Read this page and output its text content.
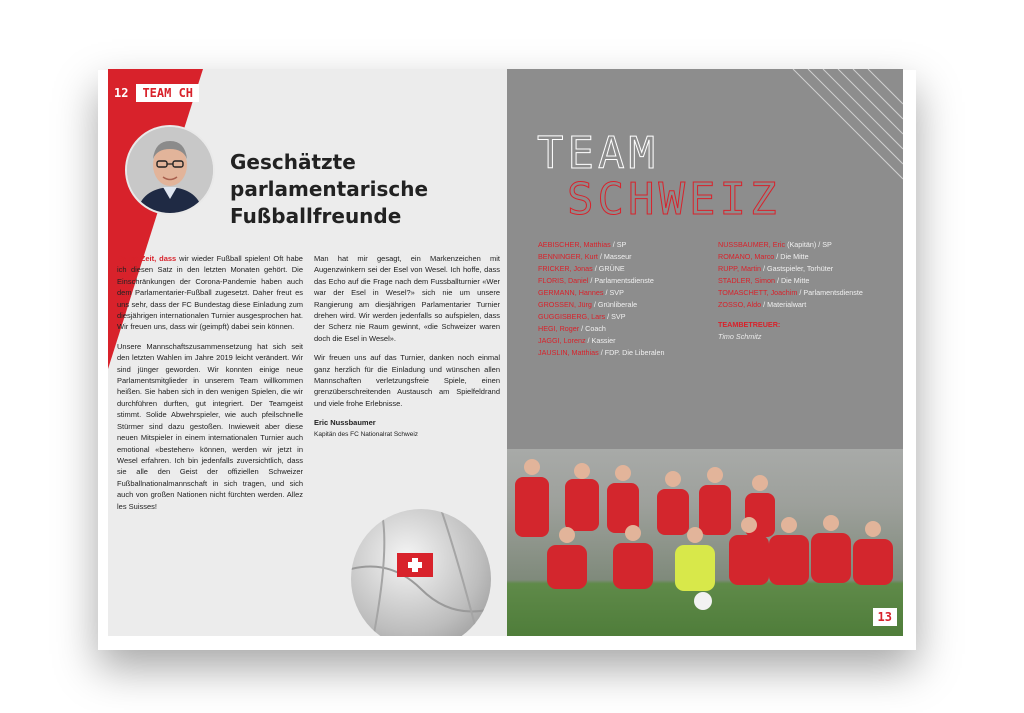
12	TEAM CH
Geschätzte
parlamentarische
Fußballfreunde

Es ist Zeit, dass wir wieder Fußball spielen! Oft habe ich diesen Satz in den letzten Monaten gehört. Die Einschränkungen der Corona-Pandemie haben auch dem Parlamentarier-Fußball zugesetzt. Daher freut es uns sehr, dass der FC Bundestag diese Einladung zum diesjährigen internationalen Turnier ausgesprochen hat. Wir freuen uns, dass wir (geimpft) dabei sein können.

Unsere Mannschaftszusammensetzung hat sich seit den letzten Wahlen im Jahre 2019 leicht verändert. Wir sind jünger geworden. Wir konnten einige neue Parlamentsmitglieder in unserem Team willkommen heißen. Sie haben sich in den wenigen Spielen, die wir durchführen durften, gut integriert. Der Teamgeist stimmt. Solide Abwehrspieler, wie auch pfeilschnelle Stürmer sind dazu gestoßen. Inwieweit aber diese neuen Mitspieler in einem internationalen Turnier auch emotional «bestehen» können, werden wir jetzt in Wesel erfahren. Ich bin jedenfalls zuversichtlich, dass sie alle den Geist der offiziellen Schweizer Fußballnationalmannschaft in sich tragen, und sich auch von großen Nationen nicht fürchten werden. Allez les Suisses!

Man hat mir gesagt, ein Markenzeichen mit Augenzwinkern sei der Esel von Wesel. Ich hoffe, dass das Echo auf die Frage nach dem Fussballturnier «Wer war der Esel in Wesel?» sich nie um unsere Rangierung am diesjährigen Parlamentarier Turnier drehen wird. Wir werden jedenfalls so aufspielen, dass der Scherz nie Raum gewinnt, «die Schweizer waren doch die Esel in Wesel».

Wir freuen uns auf das Turnier, danken noch einmal ganz herzlich für die Einladung und wünschen allen Mannschaften verletzungsfreie Spiele, einen grenzüberschreitenden Austausch am Spielfeldrand und viele frohe Erlebnisse.

Eric Nussbaumer
Kapitän des FC Nationalrat Schweiz
TEAM
SCHWEIZ
AEBISCHER, Matthias / SP
BENNINGER, Kurt / Masseur
FRICKER, Jonas / GRÜNE
FLORIS, Daniel / Parlamentsdienste
GERMANN, Hannes / SVP
GROSSEN, Jürg / Grünliberale
GUGGISBERG, Lars / SVP
HEGI, Roger / Coach
JAGGI, Lorenz / Kassier
JAUSLIN, Matthias / FDP. Die Liberalen
NUSSBAUMER, Eric (Kapitän) / SP
ROMANO, Marco / Die Mitte
RUPP, Martin / Gastspieler, Torhüter
STADLER, Simon / Die Mitte
TOMASCHETT, Joachim / Parlamentsdienste
ZOSSO, Aldo / Materialwart
TEAMBETREUER:
Timo Schmitz
13
